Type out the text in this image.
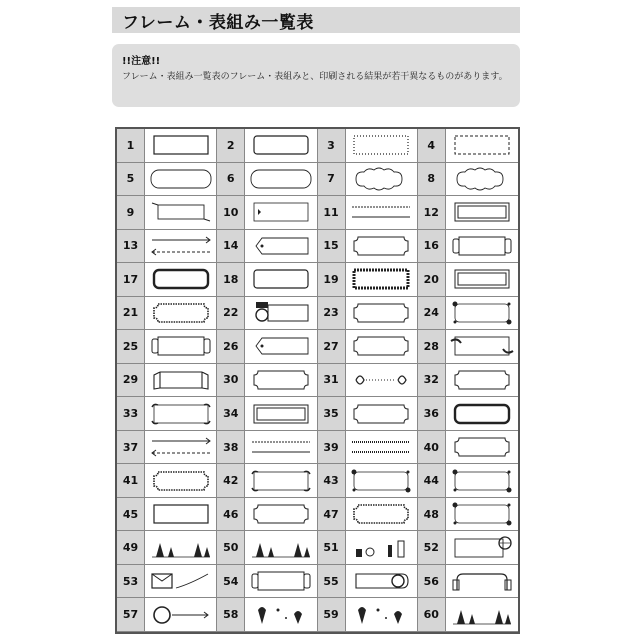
フレーム・表組み一覧表
!!注意!!
フレーム・表組み一覧表のフレーム・表組みと、印刷される結果が若干異なるものがあります。
1	2	3	4
5	6	7	8
9	10	11	12
13	14	15	16
17	18	19	20
21	22	23	24
25	26	27	28
29	30	31	32
33	34	35	36
37	38	39	40
41	42	43	44
45	46	47	48
49	50	51	52
53	54	55	56
57	58	59	60
